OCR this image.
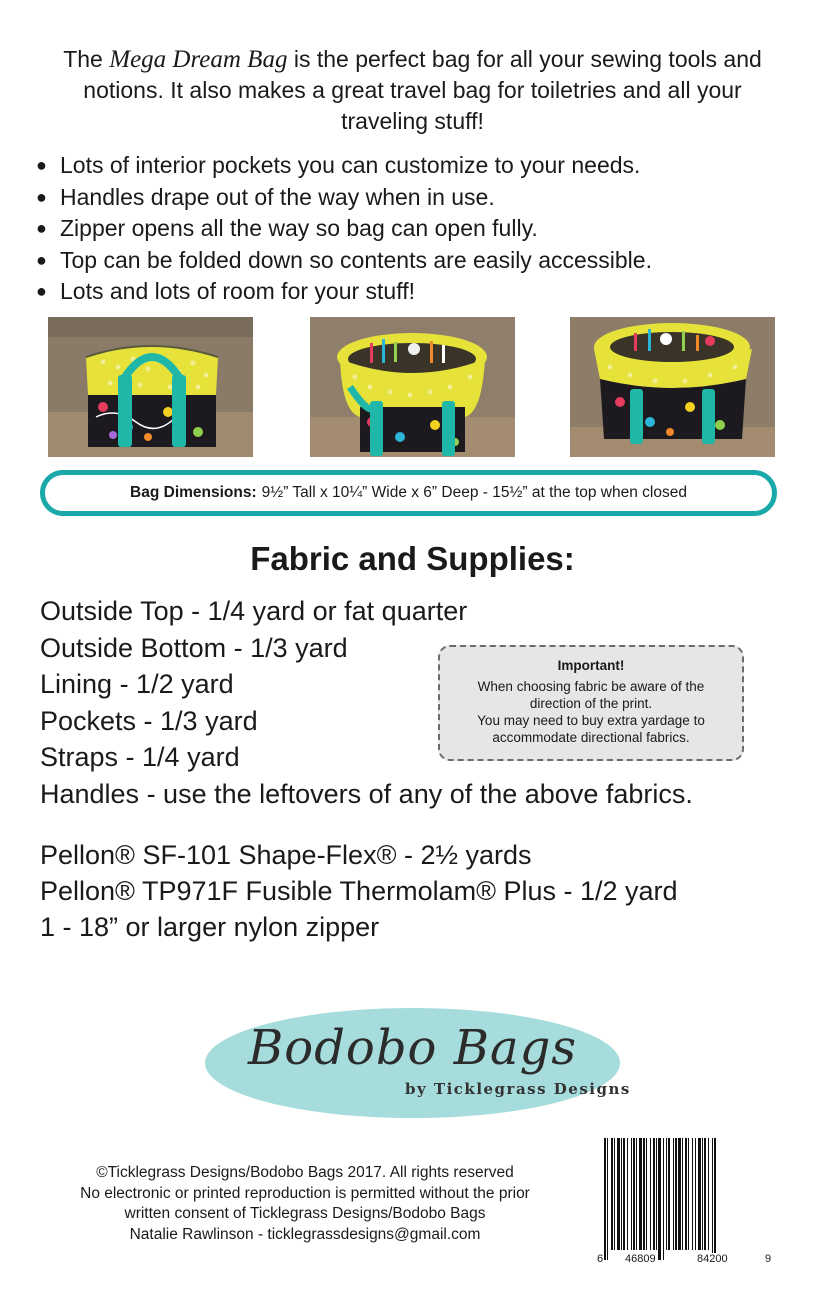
The Mega Dream Bag is the perfect bag for all your sewing tools and notions. It also makes a great travel bag for toiletries and all your traveling stuff!
● Lots of interior pockets you can customize to your needs.
● Handles drape out of the way when in use.
● Zipper opens all the way so bag can open fully.
● Top can be folded down so contents are easily accessible.
● Lots and lots of room for your stuff!
Bag Dimensions: 9½” Tall x 10¼” Wide x 6” Deep - 15½” at the top when closed
Fabric and Supplies:
Outside Top - 1/4 yard or fat quarter
Outside Bottom - 1/3 yard
Lining - 1/2 yard
Pockets - 1/3 yard
Straps - 1/4 yard
Handles - use the leftovers of any of the above fabrics.
Important!
When choosing fabric be aware of the
direction of the print.
You may need to buy extra yardage to
accommodate directional fabrics.
Pellon® SF-101 Shape-Flex® - 2½ yards
Pellon® TP971F Fusible Thermolam® Plus - 1/2 yard
1 - 18” or larger nylon zipper
Bodobo Bags
by Ticklegrass Designs
©Ticklegrass Designs/Bodobo Bags 2017. All rights reserved
No electronic or printed reproduction is permitted without the prior
written consent of Ticklegrass Designs/Bodobo Bags
Natalie Rawlinson - ticklegrassdesigns@gmail.com
6 46809	84200	9
